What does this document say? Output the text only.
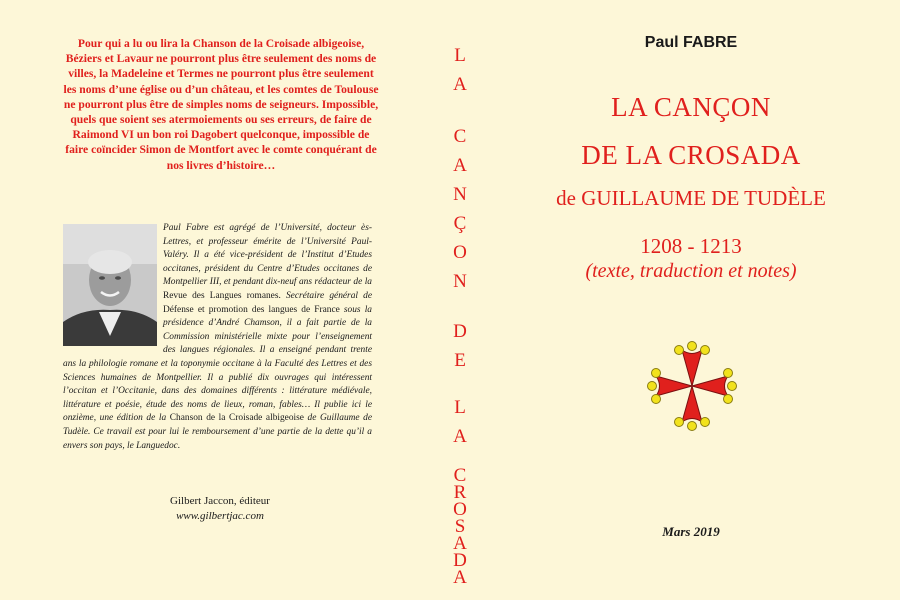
Pour qui a lu ou lira la Chanson de la Croisade albigeoise, Béziers et Lavaur ne pourront plus être seulement des noms de villes, la Madeleine et Termes ne pourront plus être seulement les noms d’une église ou d’un château, et les comtes de Toulouse ne pourront plus être de simples noms de seigneurs. Impossible, quels que soient ses atermoiements ou ses erreurs, de faire de Raimond VI un bon roi Dagobert quelconque, impossible de faire coïncider Simon de Montfort avec le comte conquérant de nos livres d’histoire…
Paul Fabre est agrégé de l’Université, docteur ès-Lettres, et professeur émérite de l’Université Paul-Valéry. Il a été vice-président de l’Institut d’Etudes occitanes, président du Centre d’Etudes occitanes de Montpellier III, et pendant dix-neuf ans rédacteur de la Revue des Langues romanes. Secrétaire général de Défense et promotion des langues de France sous la présidence d’André Chamson, il a fait partie de la Commission ministérielle mixte pour l’enseignement des langues régionales. Il a enseigné pendant trente ans la philologie romane et la toponymie occitane à la Faculté des Lettres et des Sciences humaines de Montpellier. Il a publié dix ouvrages qui intéressent l’occitan et l’Occitanie, dans des domaines différents : littérature médiévale, littérature et poésie, étude des noms de lieux, roman, fables… Il publie ici le onzième, une édition de la Chanson de la Croisade albigeoise de Guillaume de Tudèle. Ce travail est pour lui le remboursement d’une partie de la dette qu’il a envers son pays, le Languedoc.
Gilbert Jaccon, éditeur
www.gilbertjac.com
L
A
C
A
N
Ç
O
N
D
E
L
A
C
R
O
S
A
D
A
Paul FABRE
LA CANÇON
DE LA CROSADA
de GUILLAUME DE TUDÈLE
1208 - 1213
(texte, traduction et notes)
Mars 2019
